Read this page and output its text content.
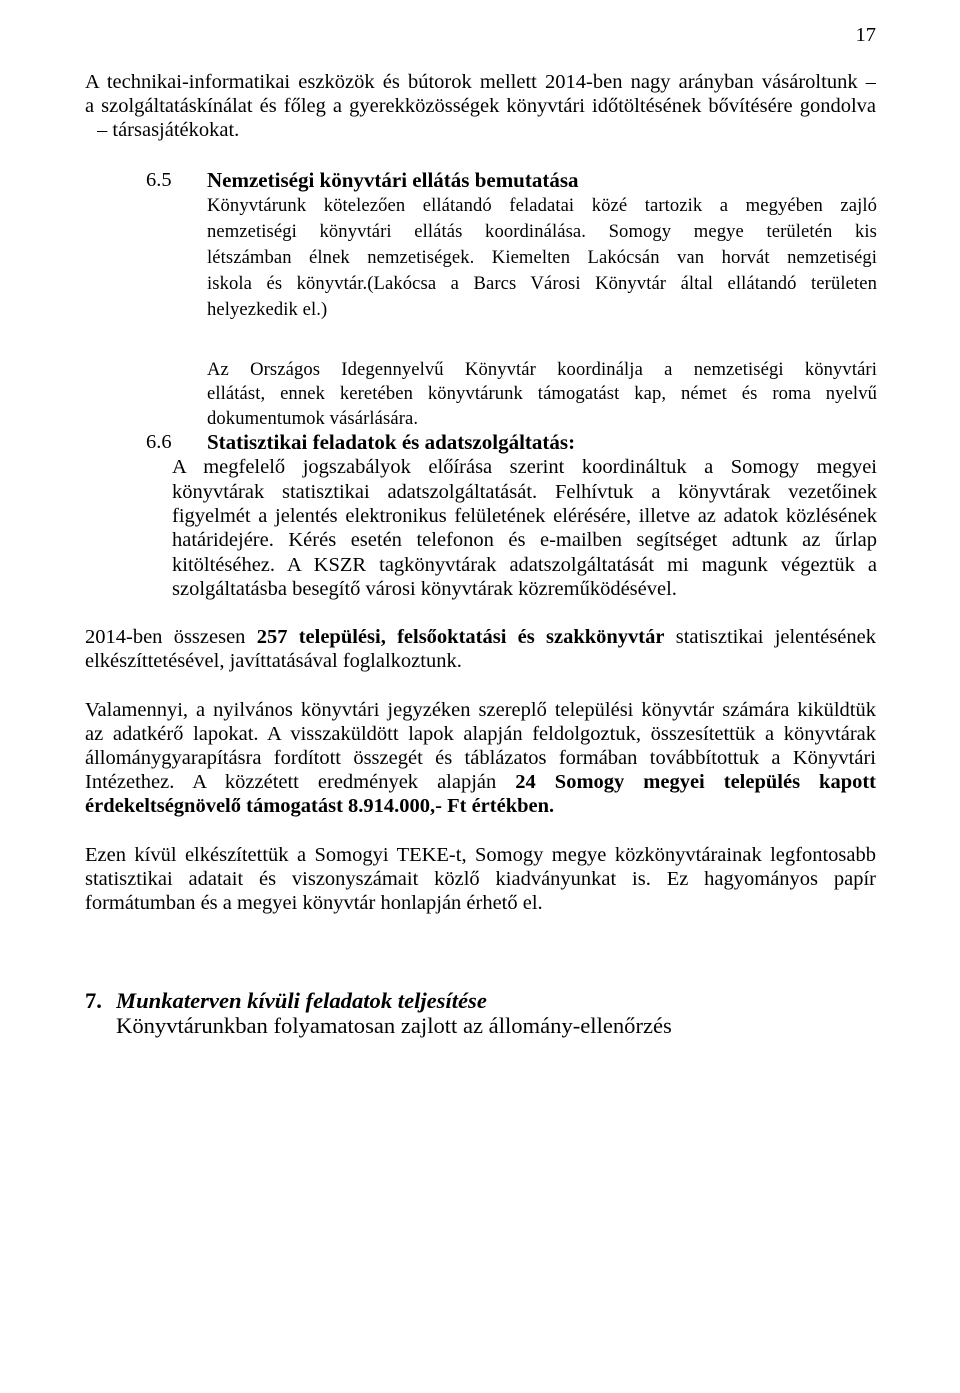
17
A technikai-informatikai eszközök és bútorok mellett 2014-ben nagy arányban vásároltunk –
a szolgáltatáskínálat és főleg a gyerekközösségek könyvtári időtöltésének bővítésére gondolva
– társasjátékokat.
6.5 Nemzetiségi könyvtári ellátás bemutatása
Könyvtárunk kötelezően ellátandó feladatai közé tartozik a megyében zajló
nemzetiségi könyvtári ellátás koordinálása. Somogy megye területén kis
létszámban élnek nemzetiségek. Kiemelten Lakócsán van horvát nemzetiségi
iskola és könyvtár.(Lakócsa a Barcs Városi Könyvtár által ellátandó területen
helyezkedik el.)
Az Országos Idegennyelvű Könyvtár koordinálja a nemzetiségi könyvtári
ellátást, ennek keretében könyvtárunk támogatást kap, német és roma nyelvű
dokumentumok vásárlására.
6.6 Statisztikai feladatok és adatszolgáltatás:
A megfelelő jogszabályok előírása szerint koordináltuk a Somogy megyei
könyvtárak statisztikai adatszolgáltatását. Felhívtuk a könyvtárak vezetőinek
figyelmét a jelentés elektronikus felületének elérésére, illetve az adatok közlésének
határidejére. Kérés esetén telefonon és e-mailben segítséget adtunk az űrlap
kitöltéséhez. A KSZR tagkönyvtárak adatszolgáltatását mi magunk végeztük a
szolgáltatásba besegítő városi könyvtárak közreműködésével.
2014-ben összesen 257 települési, felsőoktatási és szakkönyvtár statisztikai jelentésének
elkészíttetésével, javíttatásával foglalkoztunk.
Valamennyi, a nyilvános könyvtári jegyzéken szereplő települési könyvtár számára kiküldtük
az adatkérő lapokat. A visszaküldött lapok alapján feldolgoztuk, összesítettük a könyvtárak
állománygyarapításra fordított összegét és táblázatos formában továbbítottuk a Könyvtári
Intézethez. A közzétett eredmények alapján 24 Somogy megyei település kapott
érdekeltségnövelő támogatást 8.914.000,- Ft értékben.
Ezen kívül elkészítettük a Somogyi TEKE-t, Somogy megye közkönyvtárainak legfontosabb
statisztikai adatait és viszonyszámait közlő kiadványunkat is. Ez hagyományos papír
formátumban és a megyei könyvtár honlapján érhető el.
7. Munkaterven kívüli feladatok teljesítése
Könyvtárunkban folyamatosan zajlott az állomány-ellenőrzés
